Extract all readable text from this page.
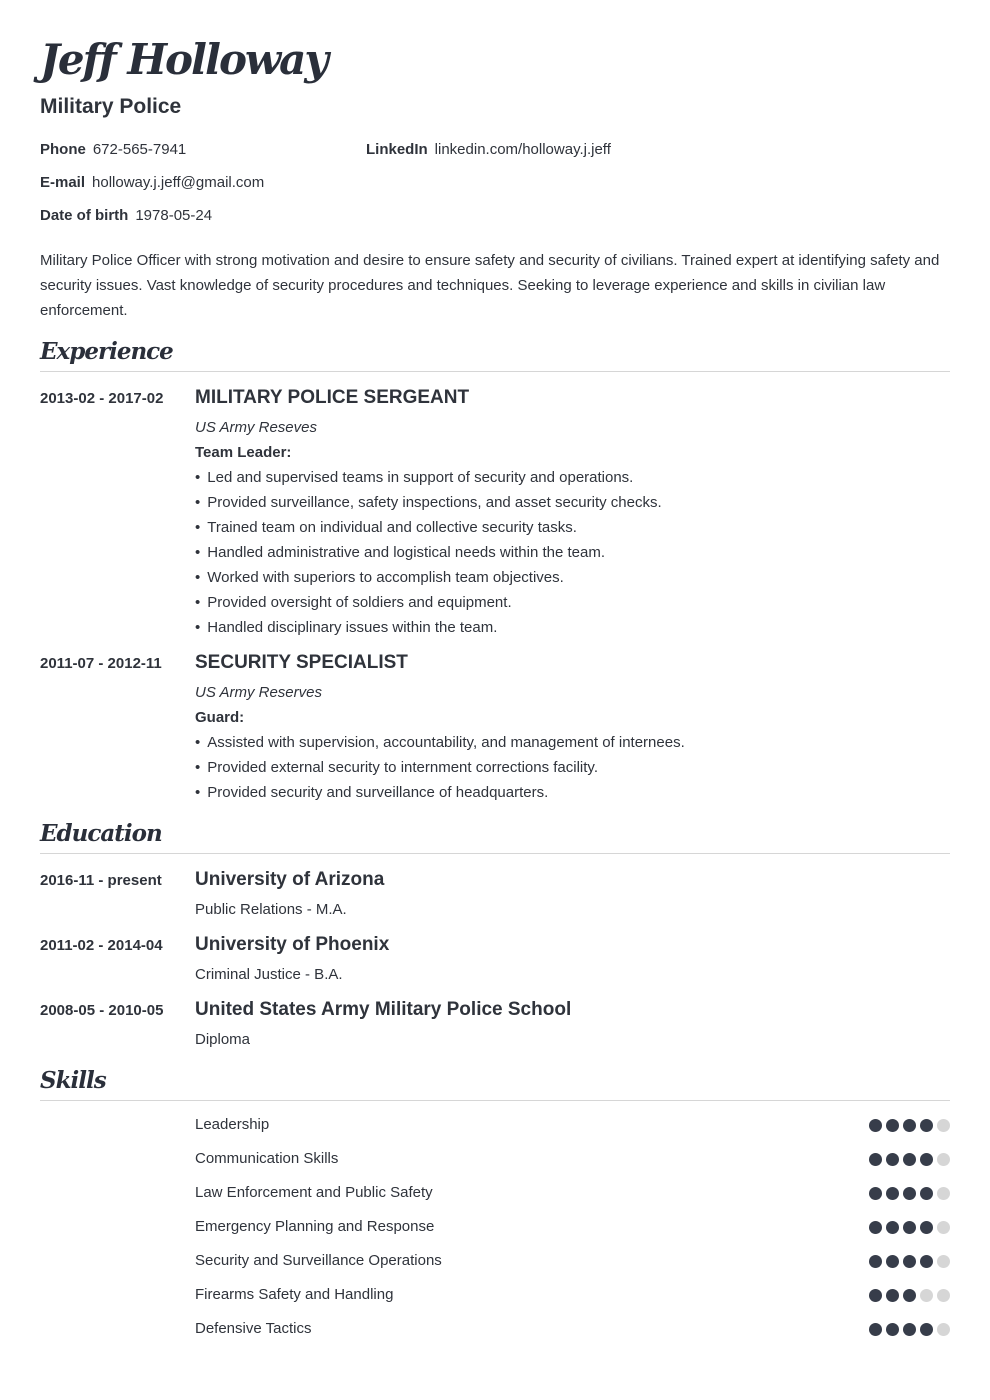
Jeff Holloway
Military Police
Phone 672-565-7941	LinkedIn linkedin.com/holloway.j.jeff
E-mail holloway.j.jeff@gmail.com
Date of birth 1978-05-24
Military Police Officer with strong motivation and desire to ensure safety and security of civilians. Trained expert at identifying safety and security issues. Vast knowledge of security procedures and techniques. Seeking to leverage experience and skills in civilian law enforcement.
Experience
2013-02 - 2017-02 MILITARY POLICE SERGEANT
US Army Reseves
Team Leader:
• Led and supervised teams in support of security and operations.
• Provided surveillance, safety inspections, and asset security checks.
• Trained team on individual and collective security tasks.
• Handled administrative and logistical needs within the team.
• Worked with superiors to accomplish team objectives.
• Provided oversight of soldiers and equipment.
• Handled disciplinary issues within the team.
2011-07 - 2012-11 SECURITY SPECIALIST
US Army Reserves
Guard:
• Assisted with supervision, accountability, and management of internees.
• Provided external security to internment corrections facility.
• Provided security and surveillance of headquarters.
Education
2016-11 - present University of Arizona
Public Relations - M.A.
2011-02 - 2014-04 University of Phoenix
Criminal Justice - B.A.
2008-05 - 2010-05 United States Army Military Police School
Diploma
Skills
Leadership
Communication Skills
Law Enforcement and Public Safety
Emergency Planning and Response
Security and Surveillance Operations
Firearms Safety and Handling
Defensive Tactics
